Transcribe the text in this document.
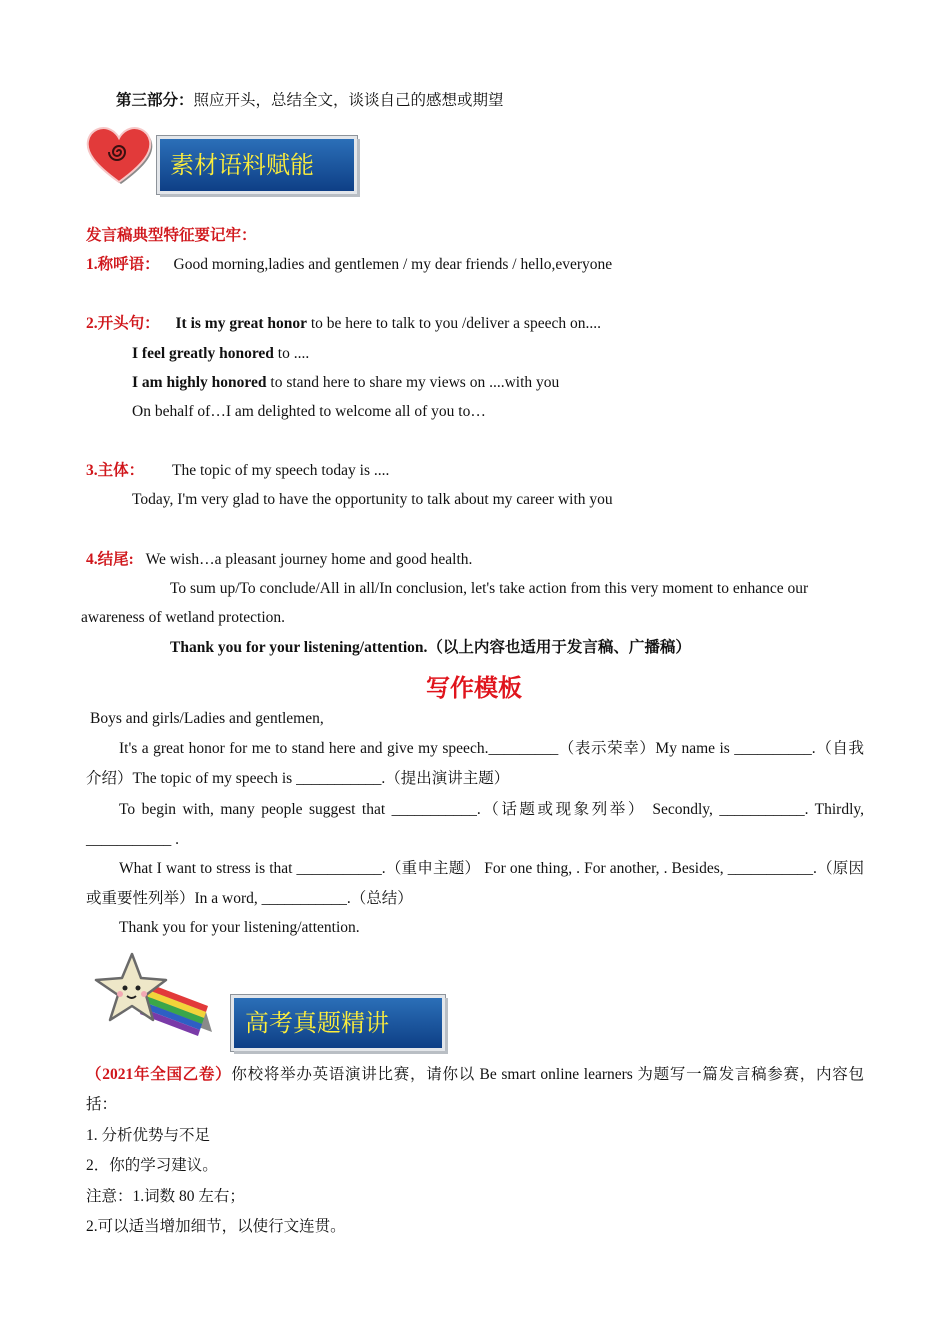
第三部分：照应开头，总结全文，谈谈自己的感想或期望
素材语料赋能
发言稿典型特征要记牢：
1.称呼语： Good morning,ladies and gentlemen / my dear friends / hello,everyone
2.开头句： It is my great honor to be here to talk to you /deliver a speech on....
I feel greatly honored to ....
I am highly honored to stand here to share my views on ....with you
On behalf of…I am delighted to welcome all of you to…
3.主体： The topic of my speech today is ....
Today, I'm very glad to have the opportunity to talk about my career with you
4.结尾: We wish…a pleasant journey home and good health.
To sum up/To conclude/All in all/In conclusion, let's take action from this very moment to enhance our
awareness of wetland protection.
Thank you for your listening/attention.（以上内容也适用于发言稿、广播稿）
写作模板
Boys and girls/Ladies and gentlemen,
It's a great honor for me to stand here and give my speech._________（表示荣幸）My name is __________.（自我介绍）The topic of my speech is ___________.（提出演讲主题）
To begin with, many people suggest that ___________.（话题或现象列举） Secondly, ___________. Thirdly, ___________ .
What I want to stress is that ___________.（重申主题） For one thing, . For another, . Besides, ___________.（原因或重要性列举）In a word, ___________.（总结）
Thank you for your listening/attention.
高考真题精讲
（2021年全国乙卷）你校将举办英语演讲比赛，请你以 Be smart online learners 为题写一篇发言稿参赛，内容包括：
1. 分析优势与不足
2．你的学习建议。
注意：1.词数 80 左右；
2.可以适当增加细节，以使行文连贯。
